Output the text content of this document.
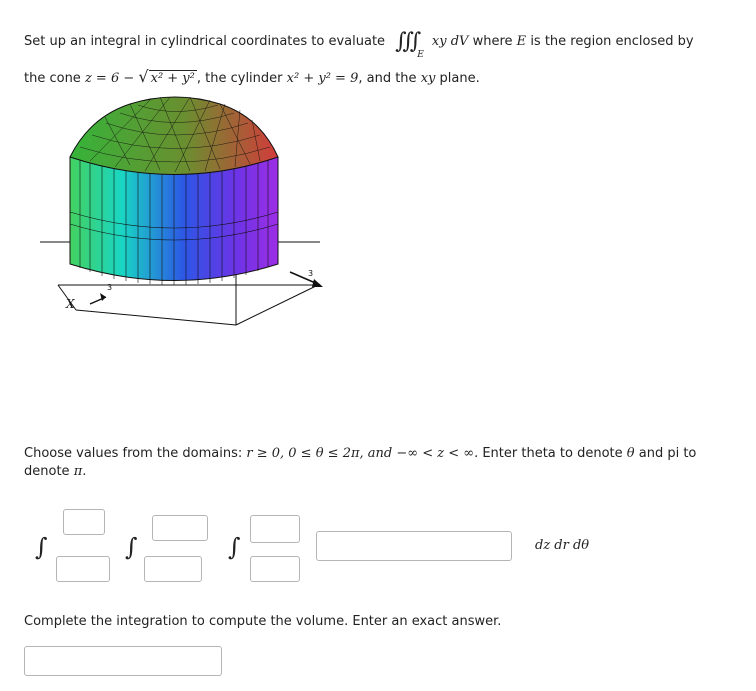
Set up an integral in cylindrical coordinates to evaluate $∭_E$ xy dV where E is the region enclosed by
the cone z = 6 − √ x² + y² , the cylinder x² + y² = 9, and the xy plane.
X
3
3
Choose values from the domains: r ≥ 0, 0 ≤ θ ≤ 2π, and −∞ < z < ∞. Enter theta to denote θ and pi to denote π.
∫	∫	∫	dz dr dθ
Complete the integration to compute the volume. Enter an exact answer.
